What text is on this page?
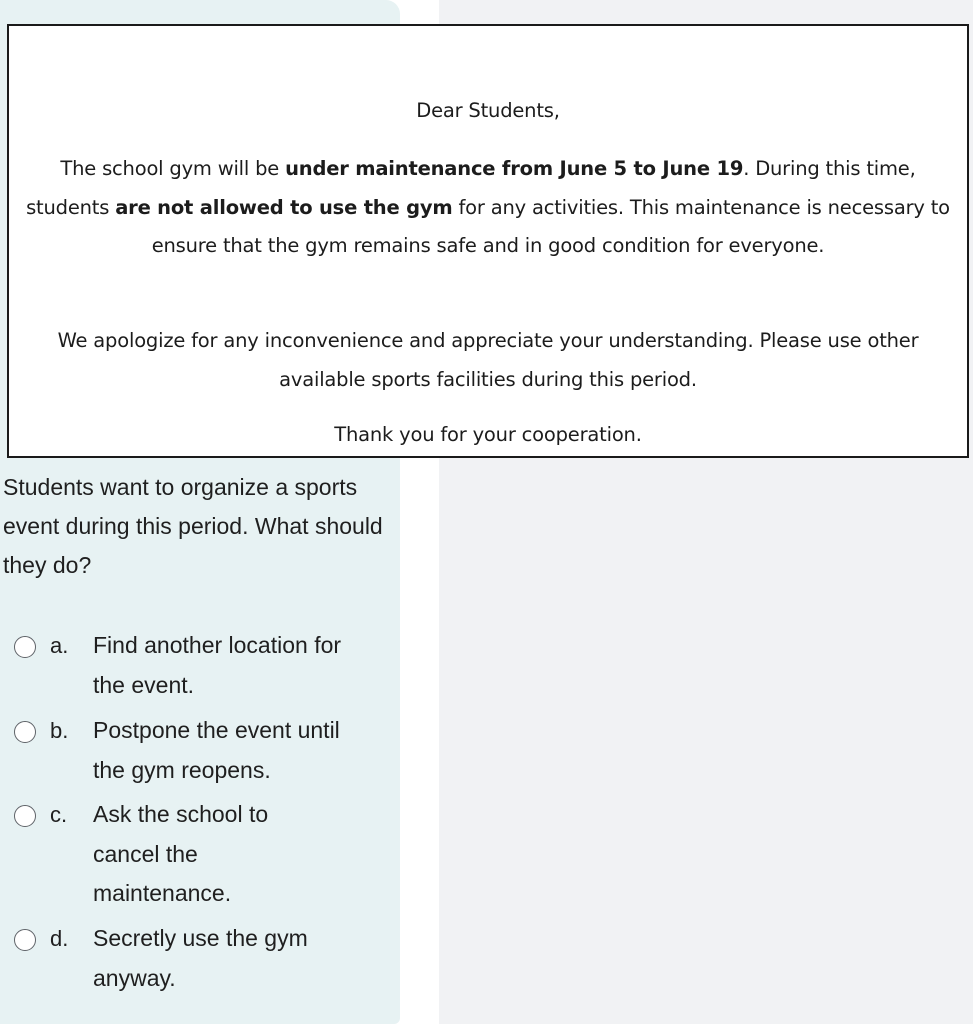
Dear Students,
The school gym will be under maintenance from June 5 to June 19. During this time, students are not allowed to use the gym for any activities. This maintenance is necessary to ensure that the gym remains safe and in good condition for everyone.
We apologize for any inconvenience and appreciate your understanding. Please use other available sports facilities during this period.
Thank you for your cooperation.
Students want to organize a sports event during this period. What should they do?
a. Find another location for the event.
b. Postpone the event until the gym reopens.
c. Ask the school to cancel the maintenance.
d. Secretly use the gym anyway.
